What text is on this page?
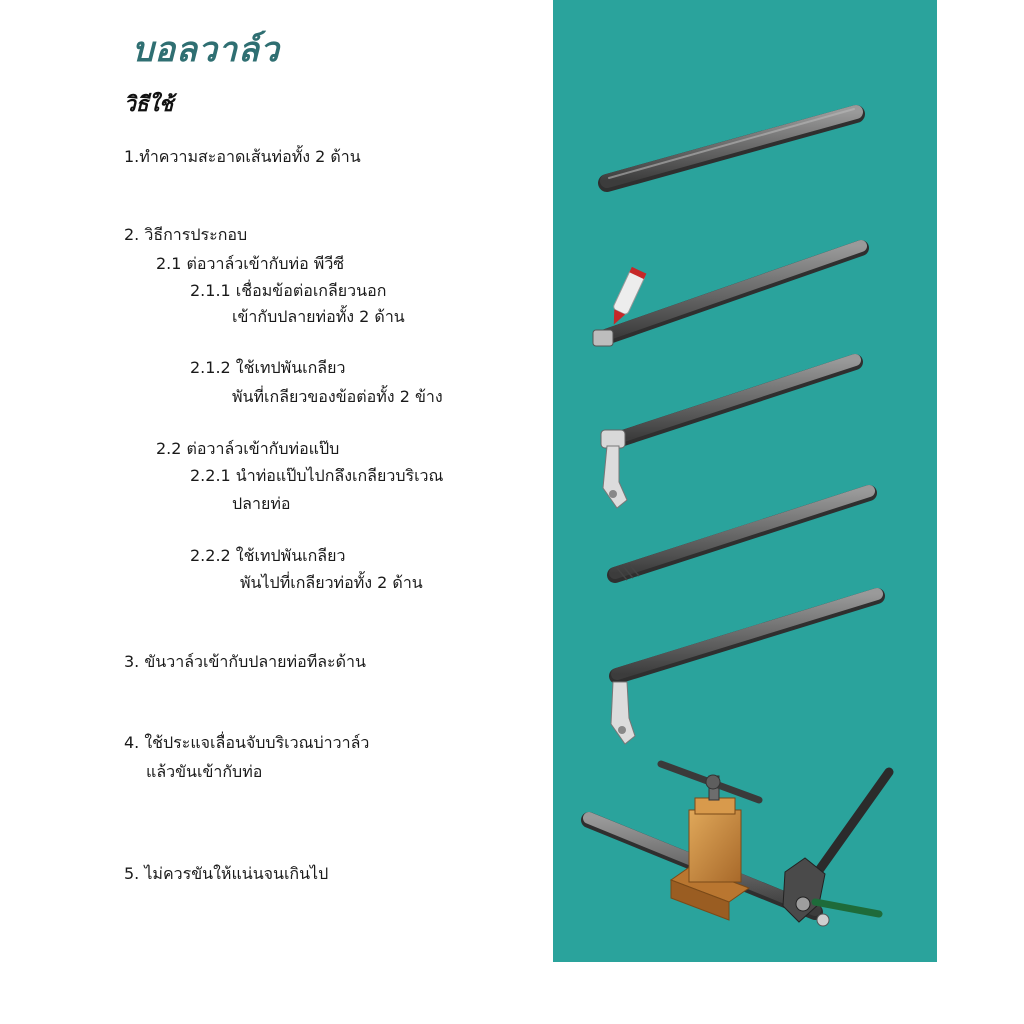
บอลวาล์ว
วิธีใช้
1.ทำความสะอาดเส้นท่อทั้ง 2 ด้าน
2. วิธีการประกอบ
2.1 ต่อวาล์วเข้ากับท่อ พีวีซี
2.1.1 เชื่อมข้อต่อเกลียวนอก
เข้ากับปลายท่อทั้ง 2 ด้าน
2.1.2 ใช้เทปพันเกลียว
พันที่เกลียวของข้อต่อทั้ง 2 ข้าง
2.2 ต่อวาล์วเข้ากับท่อแป๊บ
2.2.1 นำท่อแป๊บไปกลึงเกลียวบริเวณ
ปลายท่อ
2.2.2 ใช้เทปพันเกลียว
พันไปที่เกลียวท่อทั้ง 2 ด้าน
3. ขันวาล์วเข้ากับปลายท่อทีละด้าน
4. ใช้ประแจเลื่อนจับบริเวณบ่าวาล์ว
แล้วขันเข้ากับท่อ
5. ไม่ควรขันให้แน่นจนเกินไป
